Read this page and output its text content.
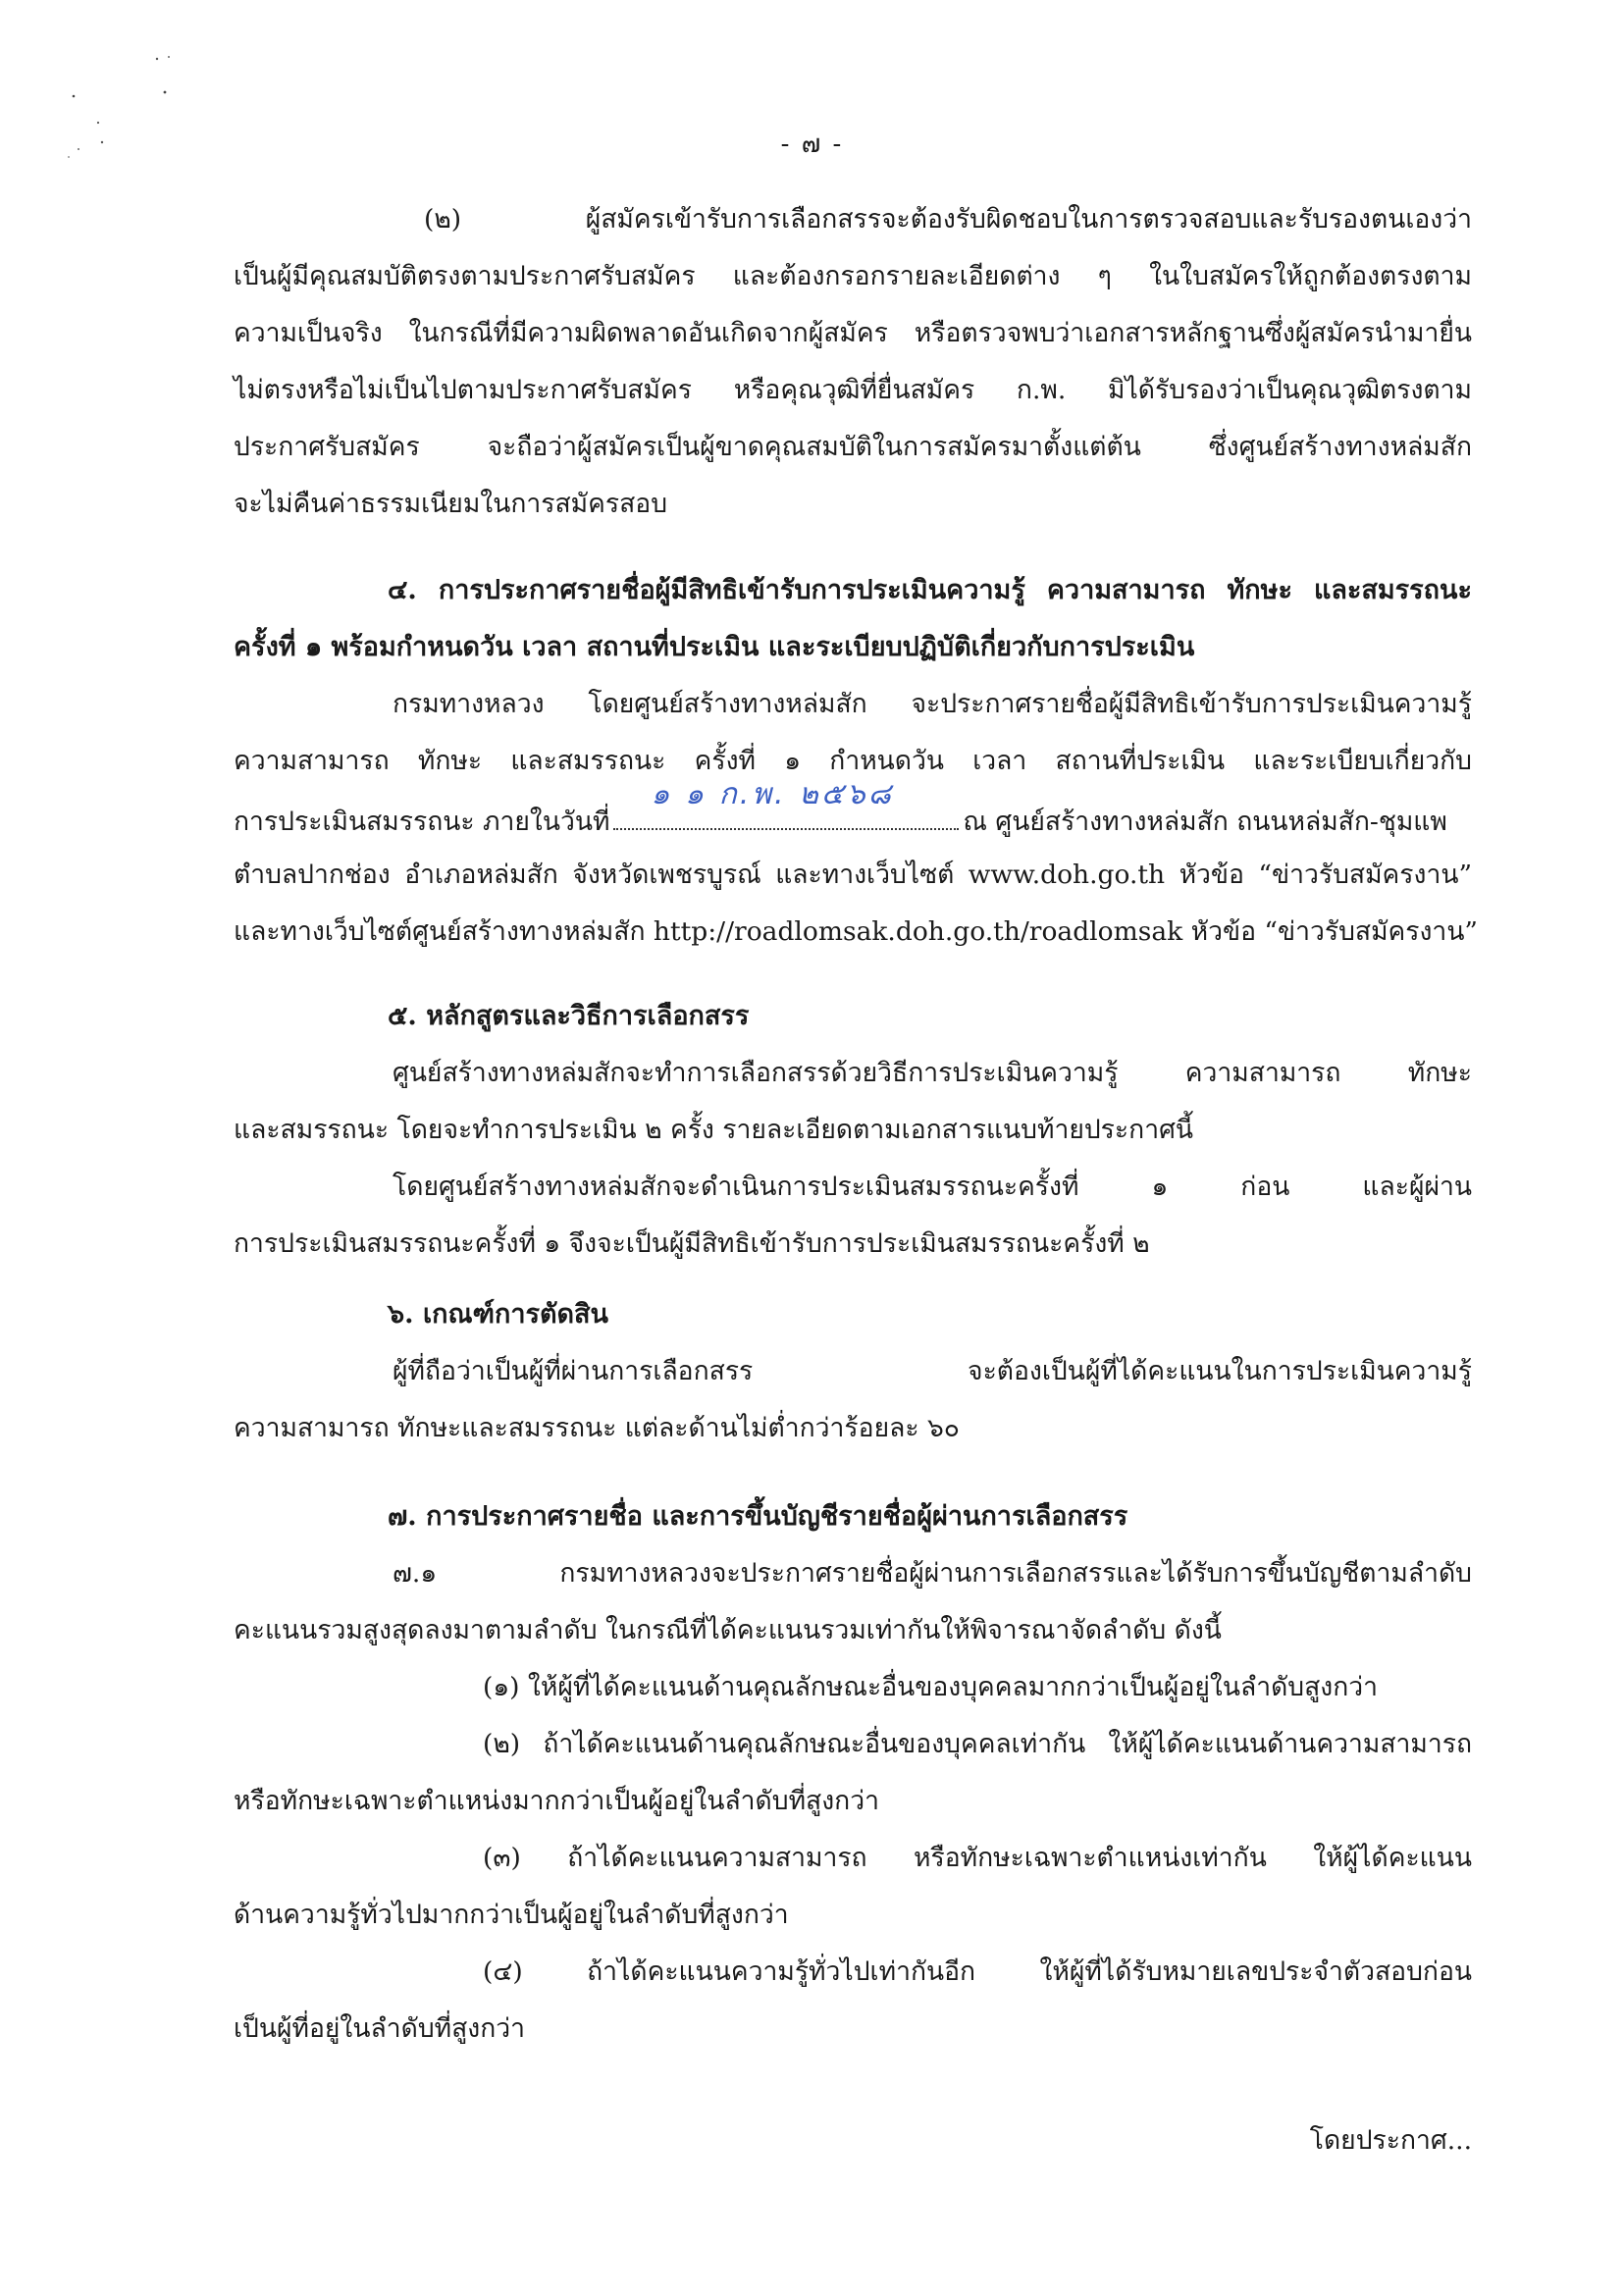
- ๗ -
(๒) ผู้สมัครเข้ารับการเลือกสรรจะต้องรับผิดชอบในการตรวจสอบและรับรองตนเองว่า
เป็นผู้มีคุณสมบัติตรงตามประกาศรับสมัคร และต้องกรอกรายละเอียดต่าง ๆ ในใบสมัครให้ถูกต้องตรงตาม
ความเป็นจริง ในกรณีที่มีความผิดพลาดอันเกิดจากผู้สมัคร หรือตรวจพบว่าเอกสารหลักฐานซึ่งผู้สมัครนำมายื่น
ไม่ตรงหรือไม่เป็นไปตามประกาศรับสมัคร หรือคุณวุฒิที่ยื่นสมัคร ก.พ. มิได้รับรองว่าเป็นคุณวุฒิตรงตาม
ประกาศรับสมัคร จะถือว่าผู้สมัครเป็นผู้ขาดคุณสมบัติในการสมัครมาตั้งแต่ต้น ซึ่งศูนย์สร้างทางหล่มสัก
จะไม่คืนค่าธรรมเนียมในการสมัครสอบ
๔. การประกาศรายชื่อผู้มีสิทธิเข้ารับการประเมินความรู้ ความสามารถ ทักษะ และสมรรถนะ
ครั้งที่ ๑ พร้อมกำหนดวัน เวลา สถานที่ประเมิน และระเบียบปฏิบัติเกี่ยวกับการประเมิน
กรมทางหลวง โดยศูนย์สร้างทางหล่มสัก จะประกาศรายชื่อผู้มีสิทธิเข้ารับการประเมินความรู้
ความสามารถ ทักษะ และสมรรถนะ ครั้งที่ ๑ กำหนดวัน เวลา สถานที่ประเมิน และระเบียบเกี่ยวกับ
การประเมินสมรรถนะ ภายในวันที่
๑ ๑ ก.พ. ๒๕๖๘
ณ ศูนย์สร้างทางหล่มสัก ถนนหล่มสัก-ชุมแพ
ตำบลปากช่อง อำเภอหล่มสัก จังหวัดเพชรบูรณ์ และทางเว็บไซต์ www.doh.go.th หัวข้อ “ข่าวรับสมัครงาน”
และทางเว็บไซต์ศูนย์สร้างทางหล่มสัก http://roadlomsak.doh.go.th/roadlomsak หัวข้อ “ข่าวรับสมัครงาน”
๕. หลักสูตรและวิธีการเลือกสรร
ศูนย์สร้างทางหล่มสักจะทำการเลือกสรรด้วยวิธีการประเมินความรู้ ความสามารถ ทักษะ
และสมรรถนะ โดยจะทำการประเมิน ๒ ครั้ง รายละเอียดตามเอกสารแนบท้ายประกาศนี้
โดยศูนย์สร้างทางหล่มสักจะดำเนินการประเมินสมรรถนะครั้งที่ ๑ ก่อน และผู้ผ่าน
การประเมินสมรรถนะครั้งที่ ๑ จึงจะเป็นผู้มีสิทธิเข้ารับการประเมินสมรรถนะครั้งที่ ๒
๖. เกณฑ์การตัดสิน
ผู้ที่ถือว่าเป็นผู้ที่ผ่านการเลือกสรร จะต้องเป็นผู้ที่ได้คะแนนในการประเมินความรู้
ความสามารถ ทักษะและสมรรถนะ แต่ละด้านไม่ต่ำกว่าร้อยละ ๖๐
๗. การประกาศรายชื่อ และการขึ้นบัญชีรายชื่อผู้ผ่านการเลือกสรร
๗.๑ กรมทางหลวงจะประกาศรายชื่อผู้ผ่านการเลือกสรรและได้รับการขึ้นบัญชีตามลำดับ
คะแนนรวมสูงสุดลงมาตามลำดับ ในกรณีที่ได้คะแนนรวมเท่ากันให้พิจารณาจัดลำดับ ดังนี้
(๑) ให้ผู้ที่ได้คะแนนด้านคุณลักษณะอื่นของบุคคลมากกว่าเป็นผู้อยู่ในลำดับสูงกว่า
(๒) ถ้าได้คะแนนด้านคุณลักษณะอื่นของบุคคลเท่ากัน ให้ผู้ได้คะแนนด้านความสามารถ
หรือทักษะเฉพาะตำแหน่งมากกว่าเป็นผู้อยู่ในลำดับที่สูงกว่า
(๓) ถ้าได้คะแนนความสามารถ หรือทักษะเฉพาะตำแหน่งเท่ากัน ให้ผู้ได้คะแนน
ด้านความรู้ทั่วไปมากกว่าเป็นผู้อยู่ในลำดับที่สูงกว่า
(๔) ถ้าได้คะแนนความรู้ทั่วไปเท่ากันอีก ให้ผู้ที่ได้รับหมายเลขประจำตัวสอบก่อน
เป็นผู้ที่อยู่ในลำดับที่สูงกว่า
โดยประกาศ...
